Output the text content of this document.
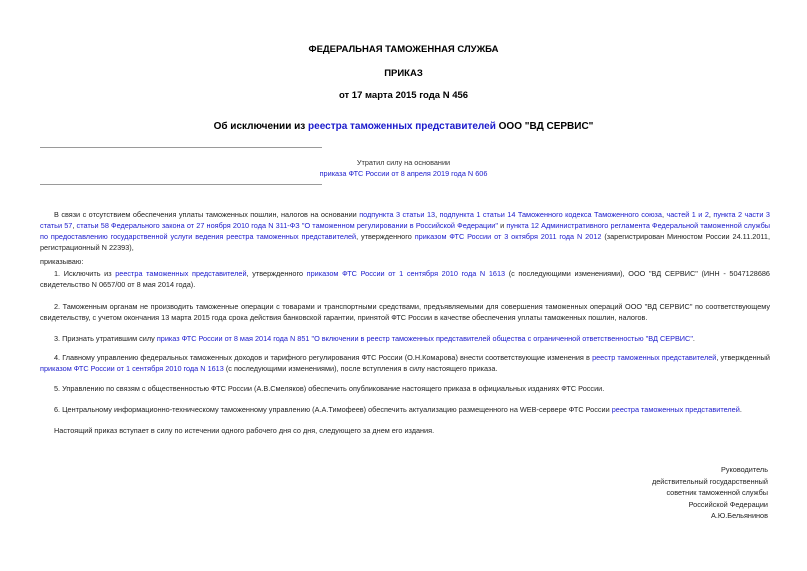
ФЕДЕРАЛЬНАЯ ТАМОЖЕННАЯ СЛУЖБА
ПРИКАЗ
от 17 марта 2015 года N 456
Об исключении из реестра таможенных представителей ООО "ВД СЕРВИС"
Утратил силу на основании
приказа ФТС России от 8 апреля 2019 года N 606
В связи с отсутствием обеспечения уплаты таможенных пошлин, налогов на основании подпункта 3 статьи 13, подпункта 1 статьи 14 Таможенного кодекса Таможенного союза, частей 1 и 2, пункта 2 части 3 статьи 57, статьи 58 Федерального закона от 27 ноября 2010 года N 311-ФЗ "О таможенном регулировании в Российской Федерации" и пункта 12 Административного регламента Федеральной таможенной службы по предоставлению государственной услуги ведения реестра таможенных представителей, утвержденного приказом ФТС России от 3 октября 2011 года N 2012 (зарегистрирован Минюстом России 24.11.2011, регистрационный N 22393),
приказываю:
1. Исключить из реестра таможенных представителей, утвержденного приказом ФТС России от 1 сентября 2010 года N 1613 (с последующими изменениями), ООО "ВД СЕРВИС" (ИНН - 5047128686 свидетельство N 0657/00 от 8 мая 2014 года).
2. Таможенным органам не производить таможенные операции с товарами и транспортными средствами, предъявляемыми для совершения таможенных операций ООО "ВД СЕРВИС" по соответствующему свидетельству, с учетом окончания 13 марта 2015 года срока действия банковской гарантии, принятой ФТС России в качестве обеспечения уплаты таможенных пошлин, налогов.
3. Признать утратившим силу приказ ФТС России от 8 мая 2014 года N 851 "О включении в реестр таможенных представителей общества с ограниченной ответственностью "ВД СЕРВИС".
4. Главному управлению федеральных таможенных доходов и тарифного регулирования ФТС России (О.Н.Комарова) внести соответствующие изменения в реестр таможенных представителей, утвержденный приказом ФТС России от 1 сентября 2010 года N 1613 (с последующими изменениями), после вступления в силу настоящего приказа.
5. Управлению по связям с общественностью ФТС России (А.В.Смеляков) обеспечить опубликование настоящего приказа в официальных изданиях ФТС России.
6. Центральному информационно-техническому таможенному управлению (А.А.Тимофеев) обеспечить актуализацию размещенного на WEB-сервере ФТС России реестра таможенных представителей.
Настоящий приказ вступает в силу по истечении одного рабочего дня со дня, следующего за днем его издания.
Руководитель
действительный государственный
советник таможенной службы
Российской Федерации
А.Ю.Бельянинов
